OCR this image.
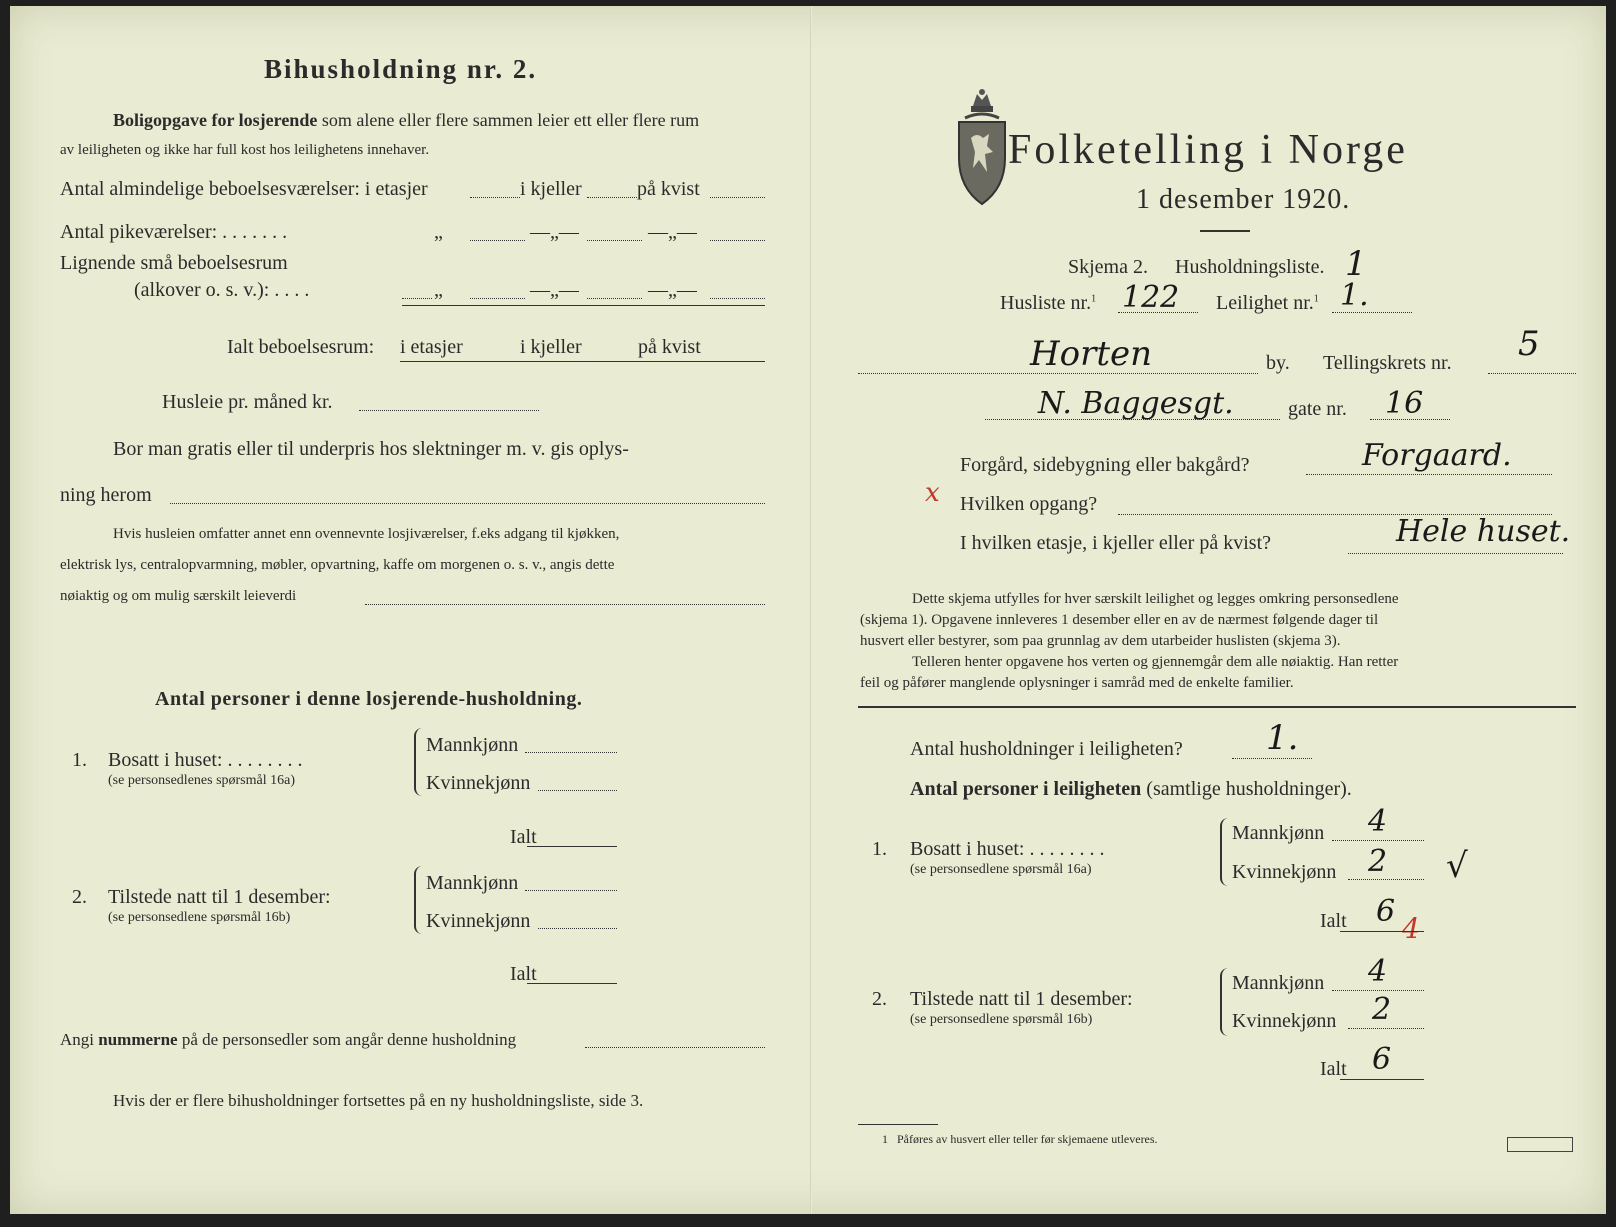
Bihusholdning nr. 2.
Boligopgave for losjerende som alene eller flere sammen leier ett eller flere rum
av leiligheten og ikke har full kost hos leilighetens innehaver.
Antal almindelige beboelsesværelser: i etasjer	i kjeller	på kvist
Antal pikeværelser: . . . . . . .	„	—„—	—„—
Lignende små beboelsesrum
(alkover o. s. v.): . . . .	„	—„—	—„—
Ialt beboelsesrum: i etasjer	i kjeller	på kvist
Husleie pr. måned kr.
Bor man gratis eller til underpris hos slektninger m. v. gis oplys-
ning herom
Hvis husleien omfatter annet enn ovennevnte losjiværelser, f.eks adgang til kjøkken,
elektrisk lys, centralopvarmning, møbler, opvartning, kaffe om morgenen o. s. v., angis dette
nøiaktig og om mulig særskilt leieverdi
Antal personer i denne losjerende-husholdning.
1. Bosatt i huset: . . . . . . . .
(se personsedlenes spørsmål 16a)
Mannkjønn
Kvinnekjønn
Ialt
2. Tilstede natt til 1 desember:
(se personsedlene spørsmål 16b)
Mannkjønn
Kvinnekjønn
Ialt
Angi nummerne på de personsedler som angår denne husholdning
Hvis der er flere bihusholdninger fortsettes på en ny husholdningsliste, side 3.
Folketelling i Norge
1 desember 1920.
Skjema 2. Husholdningsliste. 1
Husliste nr.$^1$ 122 Leilighet nr.$^1$ 1.
Horten	by. Tellingskrets nr. 5
N. Baggesgt.	gate nr. 16
Forgård, sidebygning eller bakgård?	Forgaard.
x Hvilken opgang?
I hvilken etasje, i kjeller eller på kvist?	Hele huset.
Dette skjema utfylles for hver særskilt leilighet og legges omkring personsedlene
(skjema 1). Opgavene innleveres 1 desember eller en av de nærmest følgende dager til
husvert eller bestyrer, som paa grunnlag av dem utarbeider huslisten (skjema 3).
Telleren henter opgavene hos verten og gjennemgår dem alle nøiaktig. Han retter
feil og påfører manglende oplysninger i samråd med de enkelte familier.
Antal husholdninger i leiligheten? 1.
Antal personer i leiligheten (samtlige husholdninger).
1. Bosatt i huset: . . . . . . . .
(se personsedlene spørsmål 16a)
Mannkjønn 4
Kvinnekjønn 2
Ialt 6 4
√
2. Tilstede natt til 1 desember:
(se personsedlene spørsmål 16b)
Mannkjønn 4
Kvinnekjønn 2
Ialt 6
1 Påføres av husvert eller teller før skjemaene utleveres.
